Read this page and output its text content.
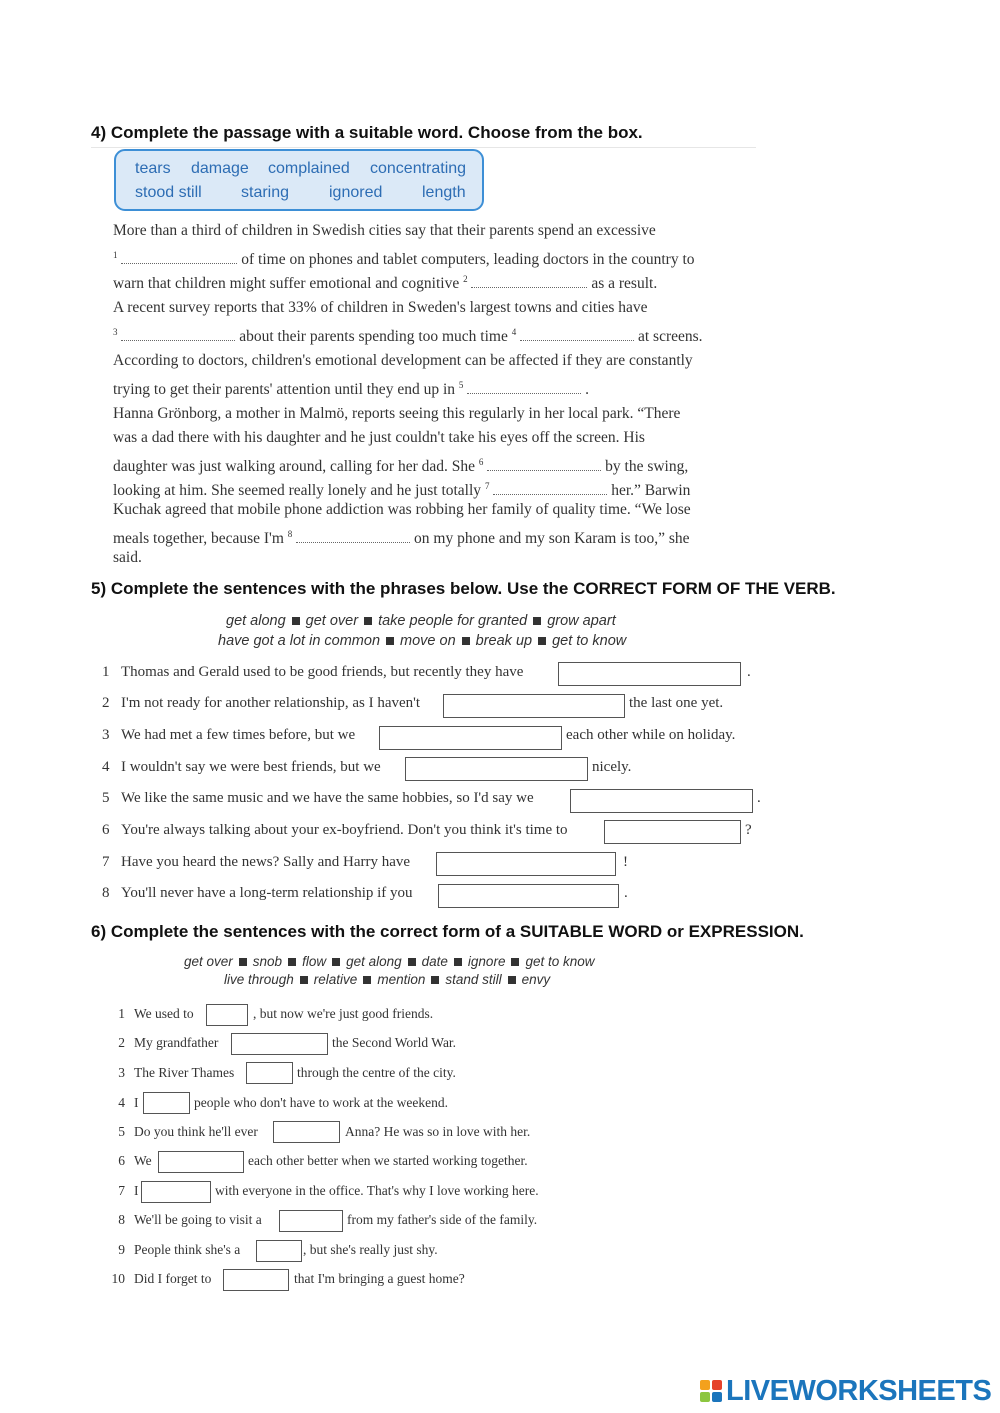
4) Complete the passage with a suitable word. Choose from the box.
tears damage complained concentrating
stood still staring ignored length
More than a third of children in Swedish cities say that their parents spend an excessive
$^1$	of time on phones and tablet computers, leading doctors in the country to
warn that children might suffer emotional and cognitive $^2$	as a result.
A recent survey reports that 33% of children in Sweden's largest towns and cities have
$^3$	about their parents spending too much time $^4$	at screens.
According to doctors, children's emotional development can be affected if they are constantly
trying to get their parents' attention until they end up in $^5$	.
Hanna Grönborg, a mother in Malmö, reports seeing this regularly in her local park. “There
was a dad there with his daughter and he just couldn't take his eyes off the screen. His
daughter was just walking around, calling for her dad. She $^6$	by the swing,
looking at him. She seemed really lonely and he just totally $^7$	her.” Barwin
Kuchak agreed that mobile phone addiction was robbing her family of quality time. “We lose
meals together, because I'm $^8$	on my phone and my son Karam is too,” she
said.
5) Complete the sentences with the phrases below. Use the CORRECT FORM OF THE VERB.
get along get over take people for granted grow apart
have got a lot in common move on break up get to know
1 Thomas and Gerald used to be good friends, but recently they have	.
2 I'm not ready for another relationship, as I haven't	the last one yet.
3 We had met a few times before, but we	each other while on holiday.
4 I wouldn't say we were best friends, but we	nicely.
5 We like the same music and we have the same hobbies, so I'd say we	.
6 You're always talking about your ex-boyfriend. Don't you think it's time to	?
7 Have you heard the news? Sally and Harry have	!
8 You'll never have a long-term relationship if you	.
6) Complete the sentences with the correct form of a SUITABLE WORD or EXPRESSION.
get over snob flow get along date ignore get to know
live through relative mention stand still envy
1 We used to	, but now we're just good friends.
2 My grandfather	the Second World War.
3 The River Thames	through the centre of the city.
4 I	people who don't have to work at the weekend.
5 Do you think he'll ever	Anna? He was so in love with her.
6 We	each other better when we started working together.
7 I	with everyone in the office. That's why I love working here.
8 We'll be going to visit a	from my father's side of the family.
9 People think she's a	, but she's really just shy.
10 Did I forget to	that I'm bringing a guest home?
LIVEWORKSHEETS
